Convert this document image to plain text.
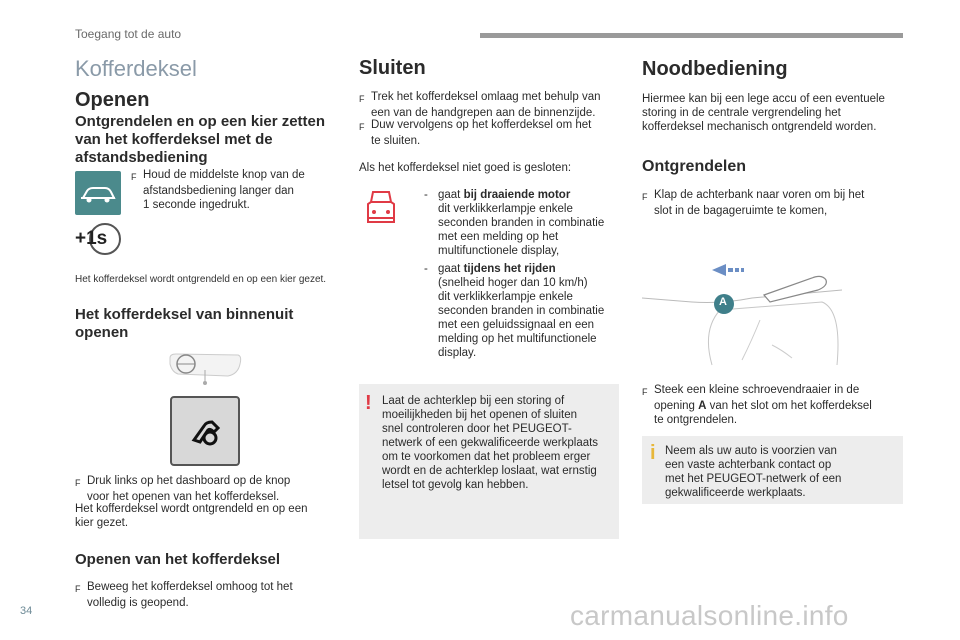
Toegang tot de auto
Kofferdeksel
Openen
Ontgrendelen en op een kier zetten van het kofferdeksel met de afstandsbediening
F Houd de middelste knop van de
afstandsbediening langer dan
1 seconde ingedrukt.
+1s
Het kofferdeksel wordt ontgrendeld en op een kier gezet.
Het kofferdeksel van binnenuit openen
F Druk links op het dashboard op de knop
voor het openen van het kofferdeksel.
Het kofferdeksel wordt ontgrendeld en op een
kier gezet.
Openen van het kofferdeksel
F Beweeg het kofferdeksel omhoog tot het
volledig is geopend.
Sluiten
F Trek het kofferdeksel omlaag met behulp van
een van de handgrepen aan de binnenzijde.
F Duw vervolgens op het kofferdeksel om het
te sluiten.
Als het kofferdeksel niet goed is gesloten:
- gaat bij draaiende motor
dit verklikkerlampje enkele
seconden branden in combinatie
met een melding op het
multifunctionele display,
- gaat tijdens het rijden
(snelheid hoger dan 10 km/h)
dit verklikkerlampje enkele
seconden branden in combinatie
met een geluidssignaal en een
melding op het multifunctionele
display.
! Laat de achterklep bij een storing of
moeilijkheden bij het openen of sluiten
snel controleren door het PEUGEOT-
netwerk of een gekwalificeerde werkplaats
om te voorkomen dat het probleem erger
wordt en de achterklep loslaat, wat ernstig
letsel tot gevolg kan hebben.
Noodbediening
Hiermee kan bij een lege accu of een eventuele
storing in de centrale vergrendeling het
kofferdeksel mechanisch ontgrendeld worden.
Ontgrendelen
F Klap de achterbank naar voren om bij het
slot in de bagageruimte te komen,
A
F Steek een kleine schroevendraaier in de
opening A van het slot om het kofferdeksel
te ontgrendelen.
i Neem als uw auto is voorzien van
een vaste achterbank contact op
met het PEUGEOT-netwerk of een
gekwalificeerde werkplaats.
34	carmanualsonline.info
